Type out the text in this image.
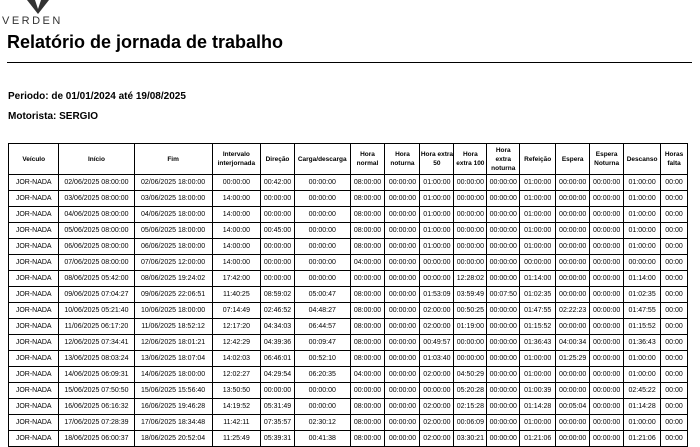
VERDEN
Relatório de jornada de trabalho
Periodo: de 01/01/2024 até 19/08/2025
Motorista: SERGIO
Veículo	Início	Fim	Intervalo interjornada	Direção	Carga/descarga	Hora normal	Hora noturna	Hora extra 50	Hora extra 100	Hora extra noturna	Refeição	Espera	Espera Noturna	Descanso	Horas falta
JOR-NADA	02/06/2025 08:00:00	02/06/2025 18:00:00	00:00:00	00:42:00	00:00:00	08:00:00	00:00:00	01:00:00	00:00:00	00:00:00	01:00:00	00:00:00	00:00:00	01:00:00	00:00
JOR-NADA	03/06/2025 08:00:00	03/06/2025 18:00:00	14:00:00	00:00:00	00:00:00	08:00:00	00:00:00	01:00:00	00:00:00	00:00:00	01:00:00	00:00:00	00:00:00	01:00:00	00:00
JOR-NADA	04/06/2025 08:00:00	04/06/2025 18:00:00	14:00:00	00:00:00	00:00:00	08:00:00	00:00:00	01:00:00	00:00:00	00:00:00	01:00:00	00:00:00	00:00:00	01:00:00	00:00
JOR-NADA	05/06/2025 08:00:00	05/06/2025 18:00:00	14:00:00	00:45:00	00:00:00	08:00:00	00:00:00	01:00:00	00:00:00	00:00:00	01:00:00	00:00:00	00:00:00	01:00:00	00:00
JOR-NADA	06/06/2025 08:00:00	06/06/2025 18:00:00	14:00:00	00:00:00	00:00:00	08:00:00	00:00:00	01:00:00	00:00:00	00:00:00	01:00:00	00:00:00	00:00:00	01:00:00	00:00
JOR-NADA	07/06/2025 08:00:00	07/06/2025 12:00:00	14:00:00	00:00:00	00:00:00	04:00:00	00:00:00	00:00:00	00:00:00	00:00:00	00:00:00	00:00:00	00:00:00	00:00:00	00:00
JOR-NADA	08/06/2025 05:42:00	08/06/2025 19:24:02	17:42:00	00:00:00	00:00:00	00:00:00	00:00:00	00:00:00	12:28:02	00:00:00	01:14:00	00:00:00	00:00:00	01:14:00	00:00
JOR-NADA	09/06/2025 07:04:27	09/06/2025 22:06:51	11:40:25	08:59:02	05:00:47	08:00:00	00:00:00	01:53:09	03:59:49	00:07:50	01:02:35	00:00:00	00:00:00	01:02:35	00:00
JOR-NADA	10/06/2025 05:21:40	10/06/2025 18:00:00	07:14:49	02:46:52	04:48:27	08:00:00	00:00:00	02:00:00	00:50:25	00:00:00	01:47:55	02:22:23	00:00:00	01:47:55	00:00
JOR-NADA	11/06/2025 06:17:20	11/06/2025 18:52:12	12:17:20	04:34:03	06:44:57	08:00:00	00:00:00	02:00:00	01:19:00	00:00:00	01:15:52	00:00:00	00:00:00	01:15:52	00:00
JOR-NADA	12/06/2025 07:34:41	12/06/2025 18:01:21	12:42:29	04:39:36	00:09:47	08:00:00	00:00:00	00:49:57	00:00:00	00:00:00	01:36:43	04:00:34	00:00:00	01:36:43	00:00
JOR-NADA	13/06/2025 08:03:24	13/06/2025 18:07:04	14:02:03	06:46:01	00:52:10	08:00:00	00:00:00	01:03:40	00:00:00	00:00:00	01:00:00	01:25:29	00:00:00	01:00:00	00:00
JOR-NADA	14/06/2025 06:09:31	14/06/2025 18:00:00	12:02:27	04:29:54	06:20:35	04:00:00	00:00:00	02:00:00	04:50:29	00:00:00	01:00:00	00:00:00	00:00:00	01:00:00	00:00
JOR-NADA	15/06/2025 07:50:50	15/06/2025 15:56:40	13:50:50	00:00:00	00:00:00	00:00:00	00:00:00	00:00:00	05:20:28	00:00:00	01:00:39	00:00:00	00:00:00	02:45:22	00:00
JOR-NADA	16/06/2025 06:16:32	16/06/2025 19:46:28	14:19:52	05:31:49	00:00:00	08:00:00	00:00:00	02:00:00	02:15:28	00:00:00	01:14:28	00:05:04	00:00:00	01:14:28	00:00
JOR-NADA	17/06/2025 07:28:39	17/06/2025 18:34:48	11:42:11	07:35:57	02:30:12	08:00:00	00:00:00	02:00:00	00:06:09	00:00:00	01:00:00	00:00:00	00:00:00	01:00:00	00:00
JOR-NADA	18/06/2025 06:00:37	18/06/2025 20:52:04	11:25:49	05:39:31	00:41:38	08:00:00	00:00:00	02:00:00	03:30:21	00:00:00	01:21:06	00:00:00	00:00:00	01:21:06	00:00
